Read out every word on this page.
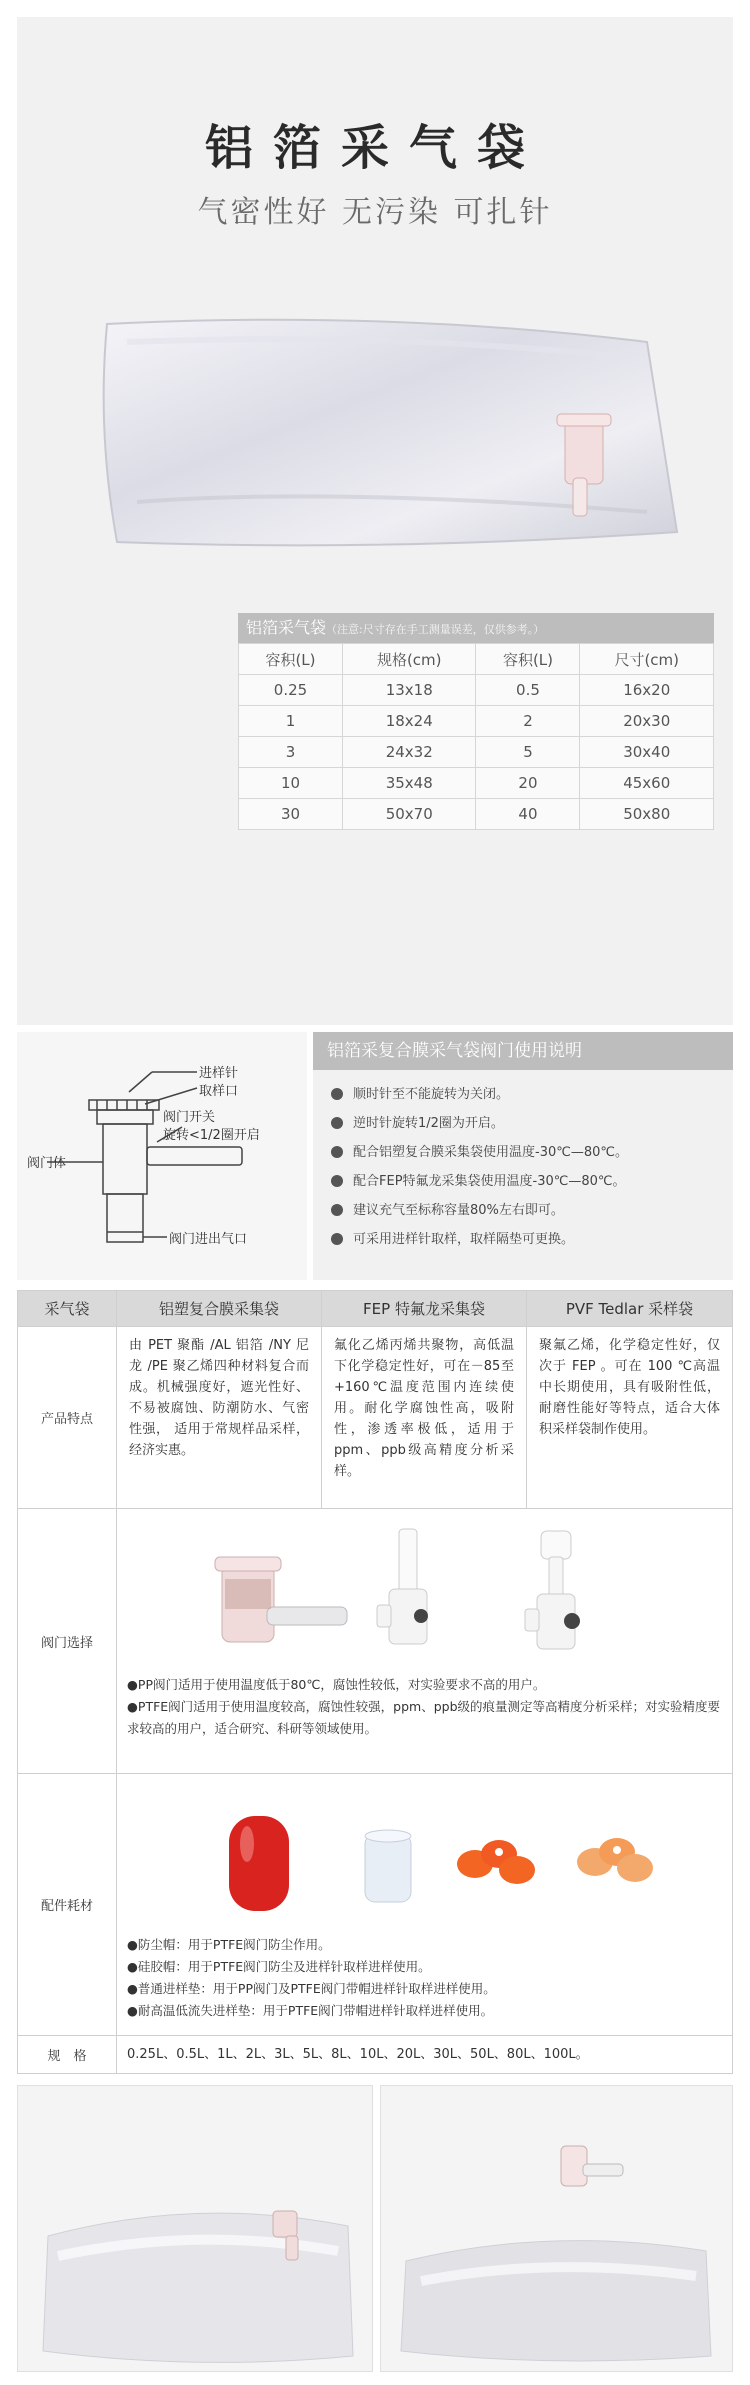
铝箔采气袋
气密性好 无污染 可扎针
铝箔采气袋（注意:尺寸存在手工测量误差，仅供参考。）
容积(L)	规格(cm)	容积(L)	尺寸(cm)
0.25	13x18	0.5	16x20
1	18x24	2	20x30
3	24x32	5	30x40
10	35x48	20	45x60
30	50x70	40	50x80
进样针
取样口
阀门开关
旋转<1/2圈开启
阀门体
阀门进出气口
铝箔采复合膜采气袋阀门使用说明
顺时针至不能旋转为关闭。
逆时针旋转1/2圈为开启。
配合铝塑复合膜采集袋使用温度-30℃—80℃。
配合FEP特氟龙采集袋使用温度-30℃—80℃。
建议充气至标称容量80%左右即可。
可采用进样针取样，取样隔垫可更换。
采气袋	铝塑复合膜采集袋	FEP 特氟龙采集袋	PVF Tedlar 采样袋
产品特点	由 PET 聚酯 /AL 铝箔 /NY 尼龙 /PE 聚乙烯四种材料复合而成。机械强度好，遮光性好、不易被腐蚀、防潮防水、气密性强， 适用于常规样品采样， 经济实惠。	氟化乙烯丙烯共聚物，高低温下化学稳定性好，可在－85至+160℃温度范围内连续使用。耐化学腐蚀性高，吸附性，渗透率极低，适用于ppm、ppb级高精度分析采样。	聚氟乙烯，化学稳定性好，仅次于 FEP 。可在 100 ℃高温中长期使用，具有吸附性低，耐磨性能好等特点，适合大体积采样袋制作使用。
阀门选择	●PP阀门适用于使用温度低于80℃，腐蚀性较低，对实验要求不高的用户。
●PTFE阀门适用于使用温度较高，腐蚀性较强，ppm、ppb级的痕量测定等高精度分析采样；对实验精度要求较高的用户，适合研究、科研等领域使用。		

配件耗材	●防尘帽：用于PTFE阀门防尘作用。
●硅胶帽：用于PTFE阀门防尘及进样针取样进样使用。
●普通进样垫：用于PP阀门及PTFE阀门带帽进样针取样进样使用。
●耐高温低流失进样垫：用于PTFE阀门带帽进样针取样进样使用。		

规　格	0.25L、0.5L、1L、2L、3L、5L、8L、10L、20L、30L、50L、80L、100L。		
